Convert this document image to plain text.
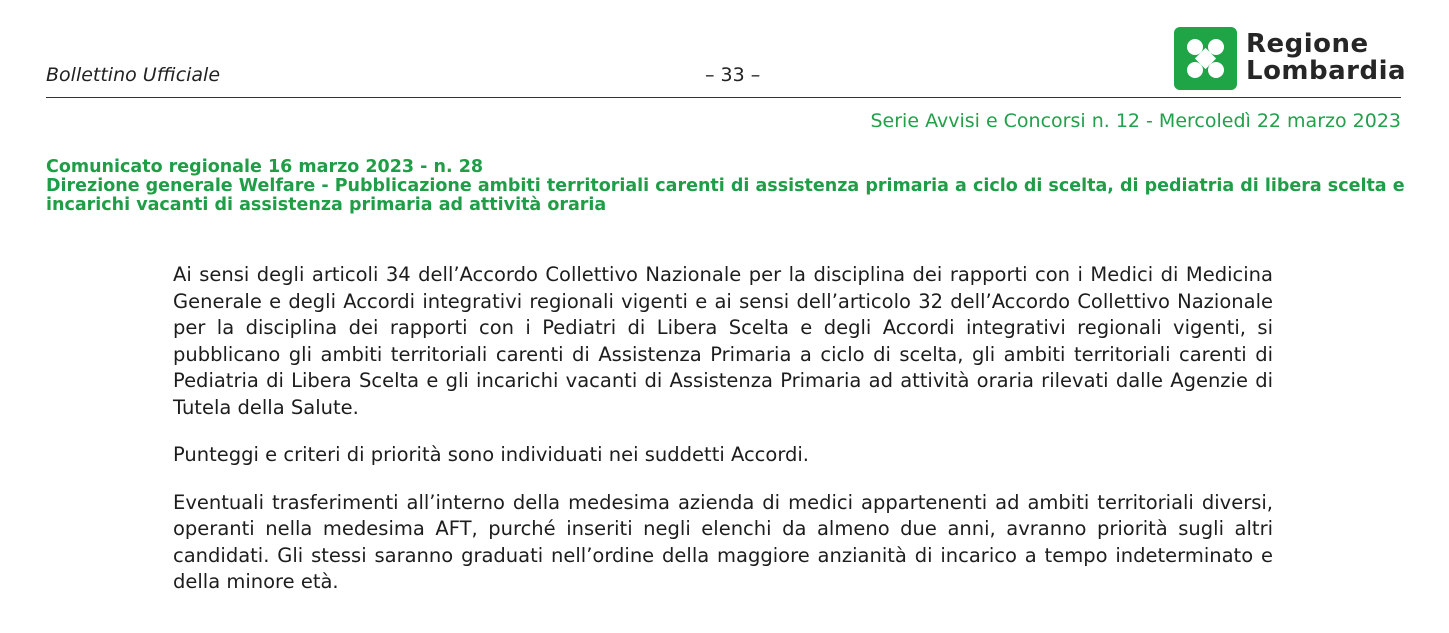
Bollettino Ufficiale	– 33 –
Regione
Lombardia
Serie Avvisi e Concorsi n. 12 - Mercoledì 22 marzo 2023
Comunicato regionale 16 marzo 2023 - n. 28
Direzione generale Welfare - Pubblicazione ambiti territoriali carenti di assistenza primaria a ciclo di scelta, di pediatria di libera scelta e incarichi vacanti di assistenza primaria ad attività oraria

Ai sensi degli articoli 34 dell’Accordo Collettivo Nazionale per la disciplina dei rapporti con i Medici di Medicina Generale e degli Accordi integrativi regionali vigenti e ai sensi dell’articolo 32 dell’Accordo Collettivo Nazionale per la disciplina dei rapporti con i Pediatri di Libera Scelta e degli Accordi integrativi regionali vigenti, si pubblicano gli ambiti territoriali carenti di Assistenza Primaria a ciclo di scelta, gli ambiti territoriali carenti di Pediatria di Libera Scelta e gli incarichi vacanti di Assistenza Primaria ad attività oraria rilevati dalle Agenzie di Tutela della Salute.

Punteggi e criteri di priorità sono individuati nei suddetti Accordi.

Eventuali trasferimenti all’interno della medesima azienda di medici appartenenti ad ambiti territoriali diversi, operanti nella medesima AFT, purché inseriti negli elenchi da almeno due anni, avranno priorità sugli altri candidati. Gli stessi saranno graduati nell’ordine della maggiore anzianità di incarico a tempo indeterminato e della minore età.
